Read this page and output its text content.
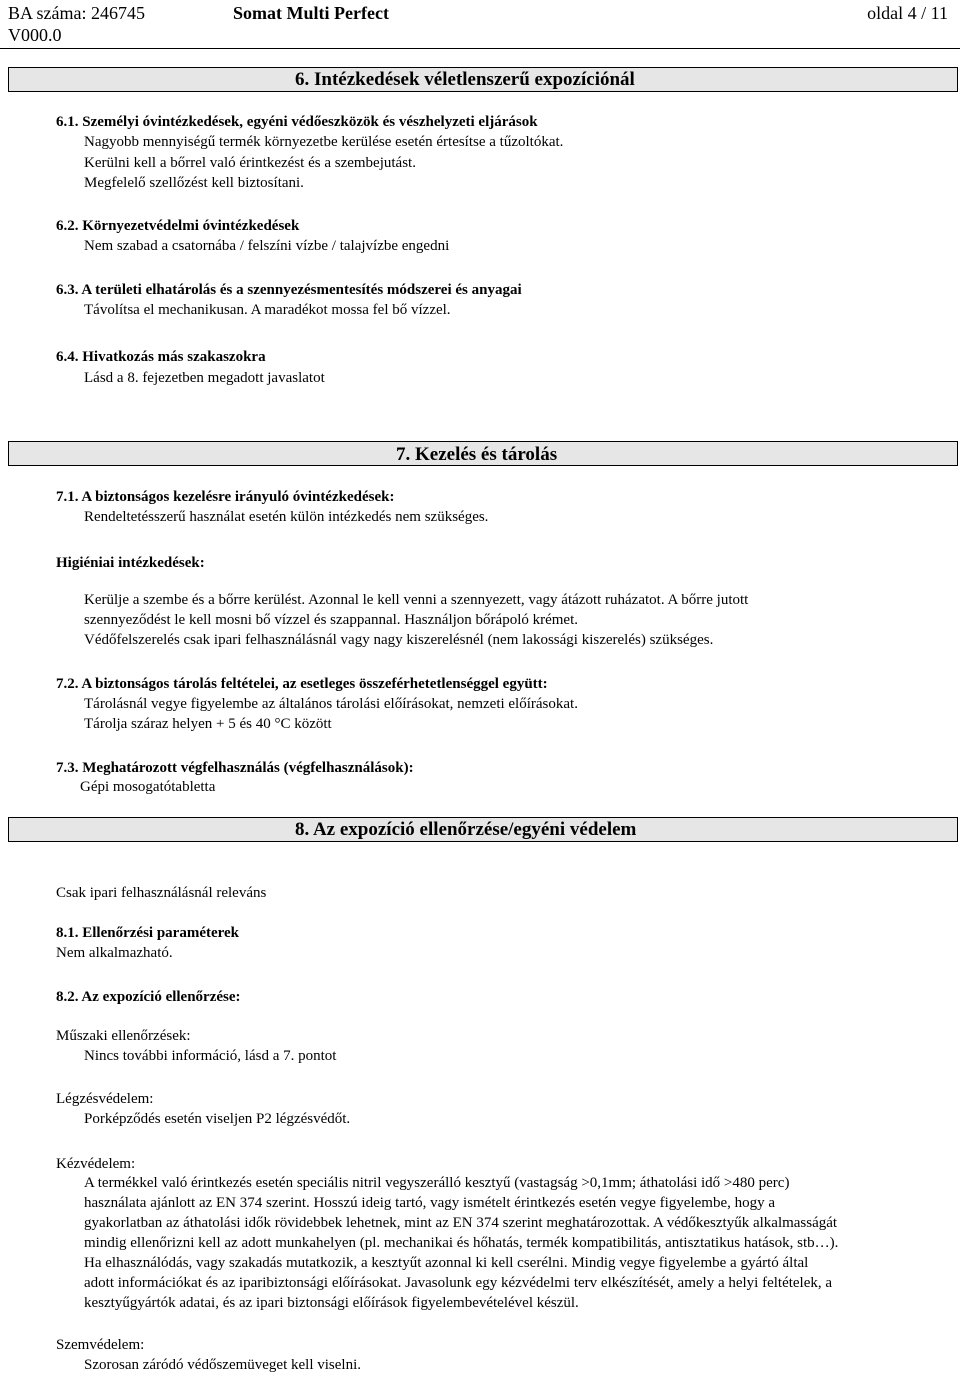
BA száma: 246745	Somat Multi Perfect	oldal 4 / 11
V000.0
6. Intézkedések véletlenszerű expozíciónál
6.1. Személyi óvintézkedések, egyéni védőeszközök és vészhelyzeti eljárások
Nagyobb mennyiségű termék környezetbe kerülése esetén értesítse a tűzoltókat.
Kerülni kell a bőrrel való érintkezést és a szembejutást.
Megfelelő szellőzést kell biztosítani.
6.2. Környezetvédelmi óvintézkedések
Nem szabad a csatornába / felszíni vízbe / talajvízbe engedni
6.3. A területi elhatárolás és a szennyezésmentesítés módszerei és anyagai
Távolítsa el mechanikusan. A maradékot mossa fel bő vízzel.
6.4. Hivatkozás más szakaszokra
Lásd a 8. fejezetben megadott javaslatot
7. Kezelés és tárolás
7.1. A biztonságos kezelésre irányuló óvintézkedések:
Rendeltetésszerű használat esetén külön intézkedés nem szükséges.
Higiéniai intézkedések:
Kerülje a szembe és a bőrre kerülést. Azonnal le kell venni a szennyezett, vagy átázott ruházatot. A bőrre jutott
szennyeződést le kell mosni bő vízzel és szappannal. Használjon bőrápoló krémet.
Védőfelszerelés csak ipari felhasználásnál vagy nagy kiszerelésnél (nem lakossági kiszerelés) szükséges.
7.2. A biztonságos tárolás feltételei, az esetleges összeférhetetlenséggel együtt:
Tárolásnál vegye figyelembe az általános tárolási előírásokat, nemzeti előírásokat.
Tárolja száraz helyen + 5 és 40 °C között
7.3. Meghatározott végfelhasználás (végfelhasználások):
Gépi mosogatótabletta
8. Az expozíció ellenőrzése/egyéni védelem
Csak ipari felhasználásnál releváns
8.1. Ellenőrzési paraméterek
Nem alkalmazható.
8.2. Az expozíció ellenőrzése:
Műszaki ellenőrzések:
Nincs további információ, lásd a 7. pontot
Légzésvédelem:
Porképződés esetén viseljen P2 légzésvédőt.
Kézvédelem:
A termékkel való érintkezés esetén speciális nitril vegyszerálló kesztyű (vastagság >0,1mm; áthatolási idő >480 perc)
használata ajánlott az EN 374 szerint. Hosszú ideig tartó, vagy ismételt érintkezés esetén vegye figyelembe, hogy a
gyakorlatban az áthatolási idők rövidebbek lehetnek, mint az EN 374 szerint meghatározottak. A védőkesztyűk alkalmasságát
mindig ellenőrizni kell az adott munkahelyen (pl. mechanikai és hőhatás, termék kompatibilitás, antisztatikus hatások, stb…).
Ha elhasználódás, vagy szakadás mutatkozik, a kesztyűt azonnal ki kell cserélni. Mindig vegye figyelembe a gyártó által
adott információkat és az iparibiztonsági előírásokat. Javasolunk egy kézvédelmi terv elkészítését, amely a helyi feltételek, a
kesztyűgyártók adatai, és az ipari biztonsági előírások figyelembevételével készül.
Szemvédelem:
Szorosan záródó védőszemüveget kell viselni.
